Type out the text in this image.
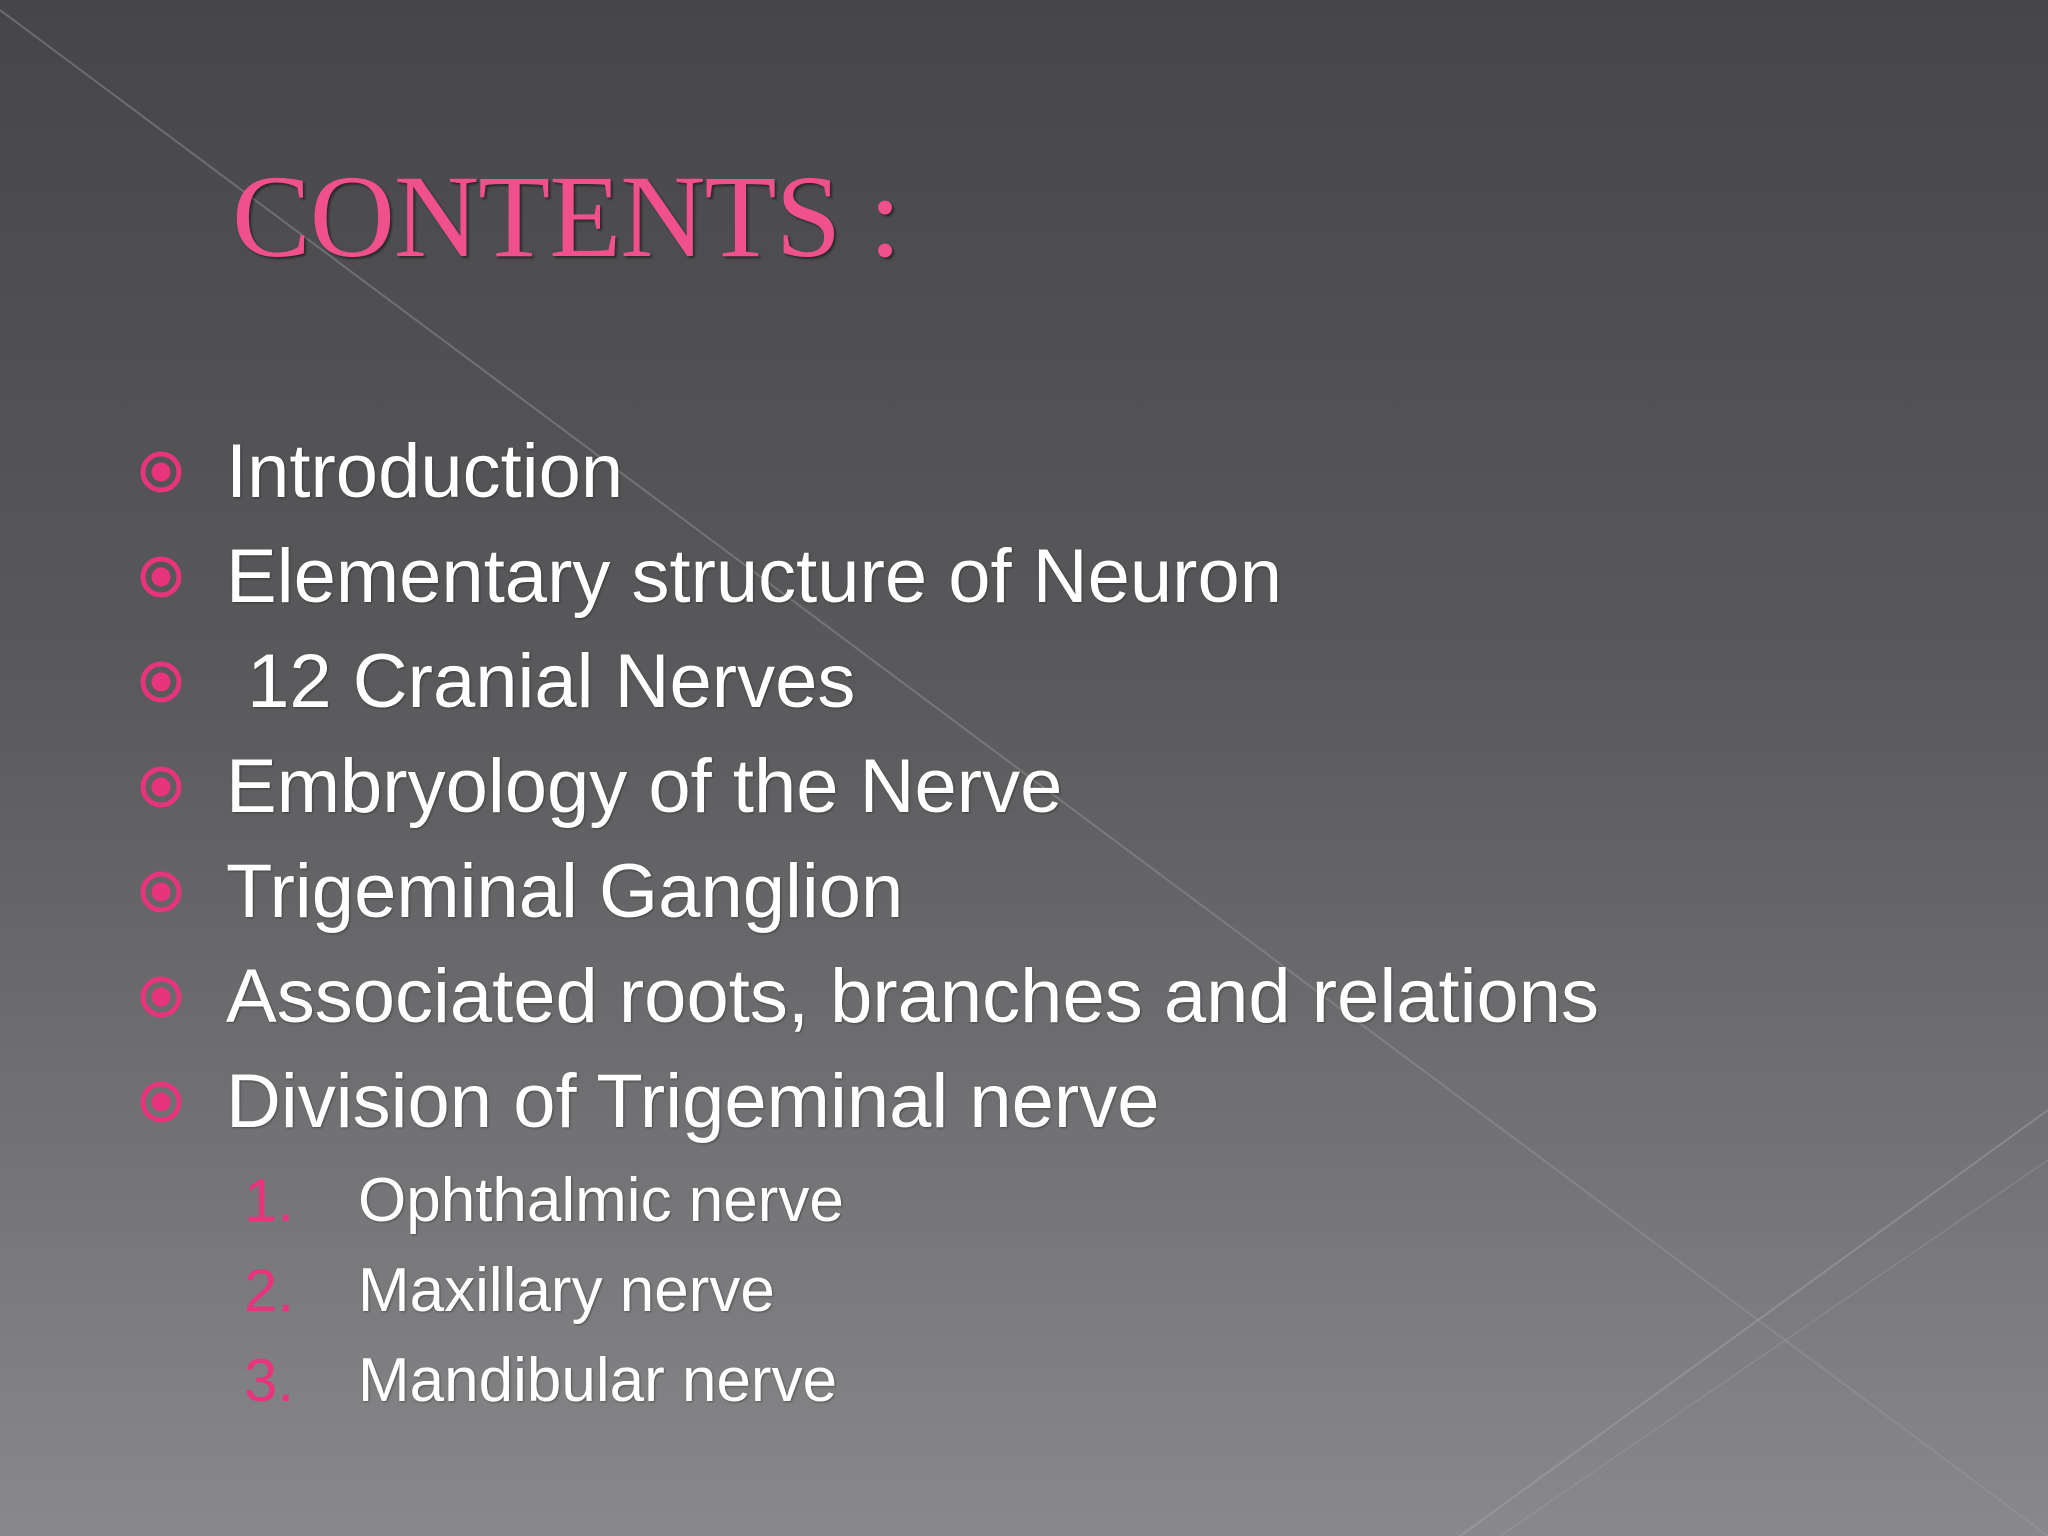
CONTENTS :
Introduction
Elementary structure of Neuron
12 Cranial Nerves
Embryology of the Nerve
Trigeminal Ganglion
Associated roots, branches and relations
Division of Trigeminal nerve
1.	Ophthalmic nerve
2.	Maxillary nerve
3.	Mandibular nerve
